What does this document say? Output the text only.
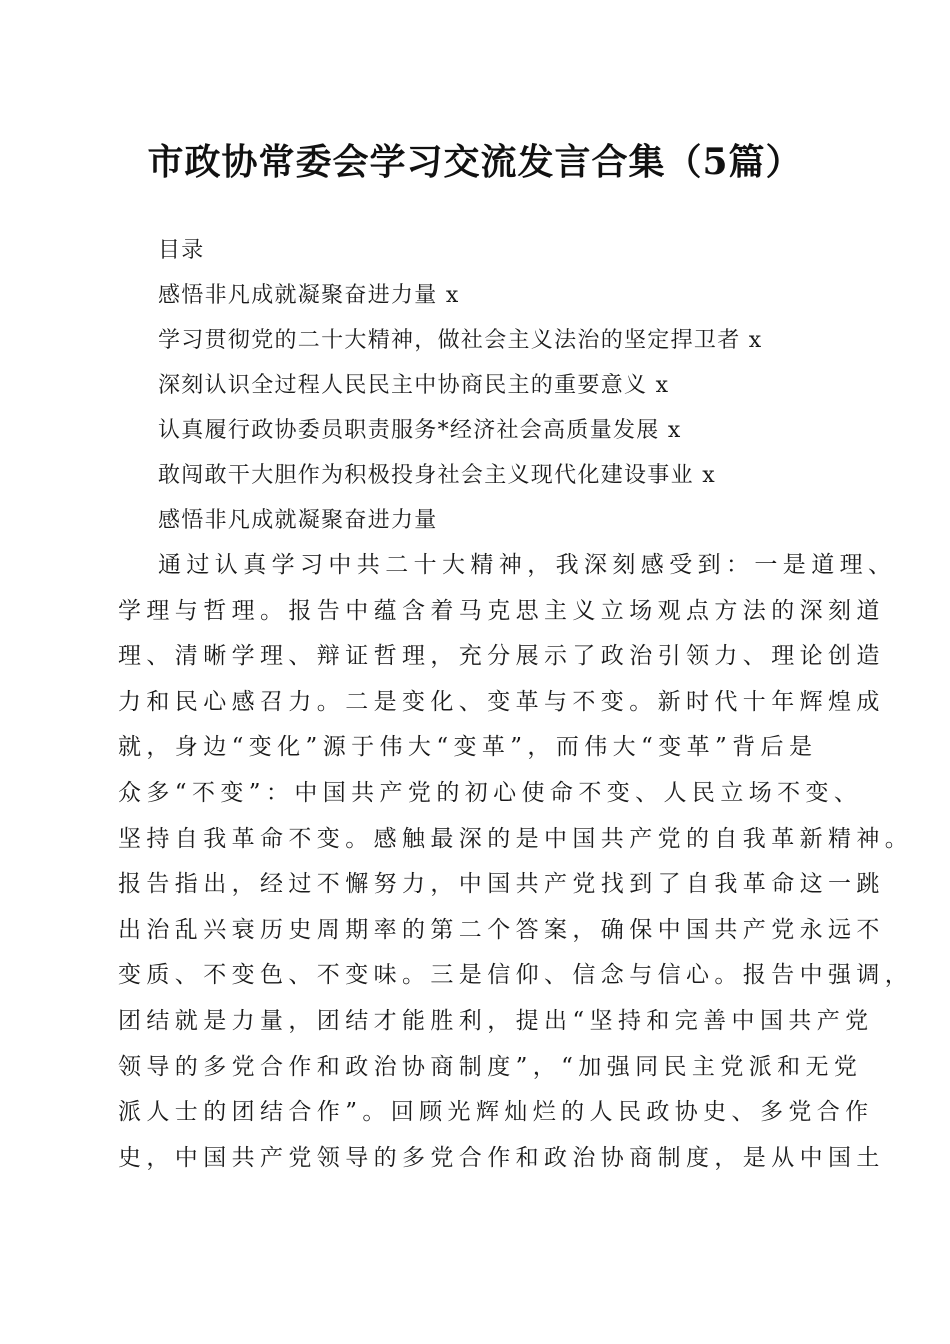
市政协常委会学习交流发言合集（5篇）
目录
感悟非凡成就凝聚奋进力量 x
学习贯彻党的二十大精神，做社会主义法治的坚定捍卫者 x
深刻认识全过程人民民主中协商民主的重要意义 x
认真履行政协委员职责服务*经济社会高质量发展 x
敢闯敢干大胆作为积极投身社会主义现代化建设事业 x
感悟非凡成就凝聚奋进力量
通过认真学习中共二十大精神，我深刻感受到：一是道理、
学理与哲理。报告中蕴含着马克思主义立场观点方法的深刻道
理、清晰学理、辩证哲理，充分展示了政治引领力、理论创造
力和民心感召力。二是变化、变革与不变。新时代十年辉煌成
就，身边“变化”源于伟大“变革”，而伟大“变革”背后是
众多“不变”：中国共产党的初心使命不变、人民立场不变、
坚持自我革命不变。感触最深的是中国共产党的自我革新精神。
报告指出，经过不懈努力，中国共产党找到了自我革命这一跳
出治乱兴衰历史周期率的第二个答案，确保中国共产党永远不
变质、不变色、不变味。三是信仰、信念与信心。报告中强调，
团结就是力量，团结才能胜利，提出“坚持和完善中国共产党
领导的多党合作和政治协商制度”，“加强同民主党派和无党
派人士的团结合作”。回顾光辉灿烂的人民政协史、多党合作
史，中国共产党领导的多党合作和政治协商制度，是从中国土
